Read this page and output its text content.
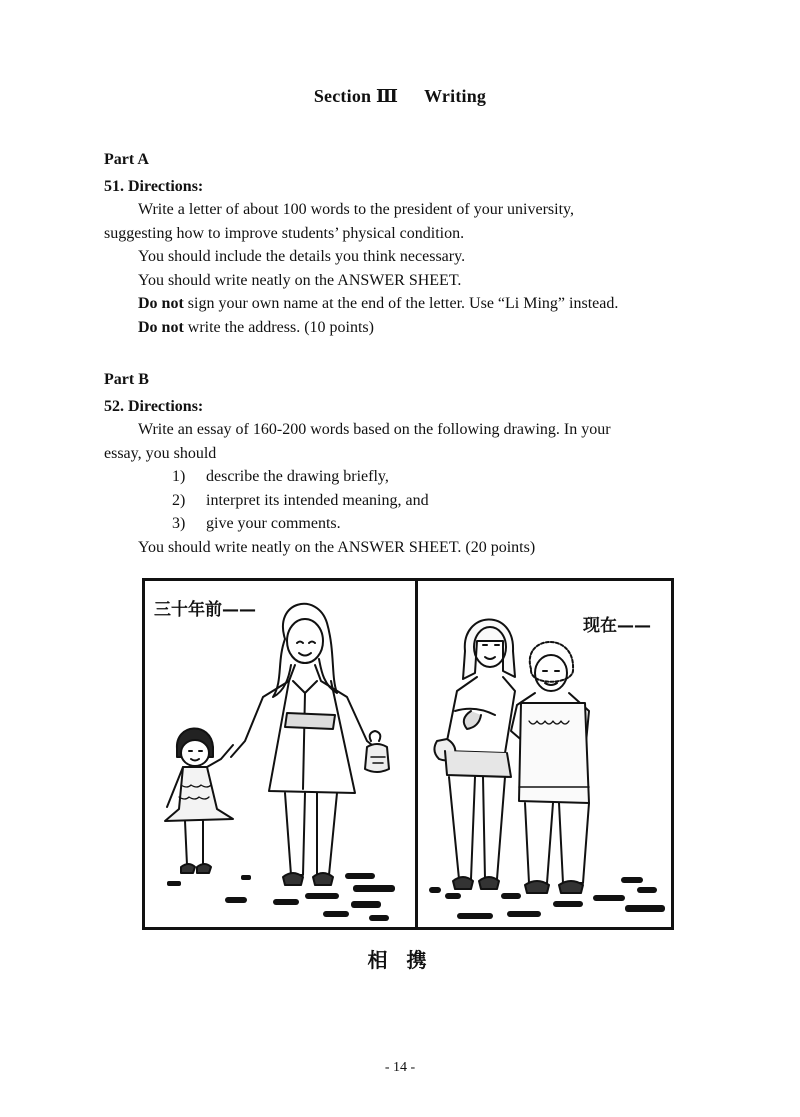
Section Ⅲ Writing
Part A
51. Directions:
Write a letter of about 100 words to the president of your university,
suggesting how to improve students’ physical condition.
You should include the details you think necessary.
You should write neatly on the ANSWER SHEET.
Do not sign your own name at the end of the letter. Use “Li Ming” instead.
Do not write the address. (10 points)
Part B
52. Directions:
Write an essay of 160-200 words based on the following drawing. In your
essay, you should
1) describe the drawing briefly,
2) interpret its intended meaning, and
3) give your comments.
You should write neatly on the ANSWER SHEET. (20 points)
三十年前——
现在——
相 携
- 14 -
